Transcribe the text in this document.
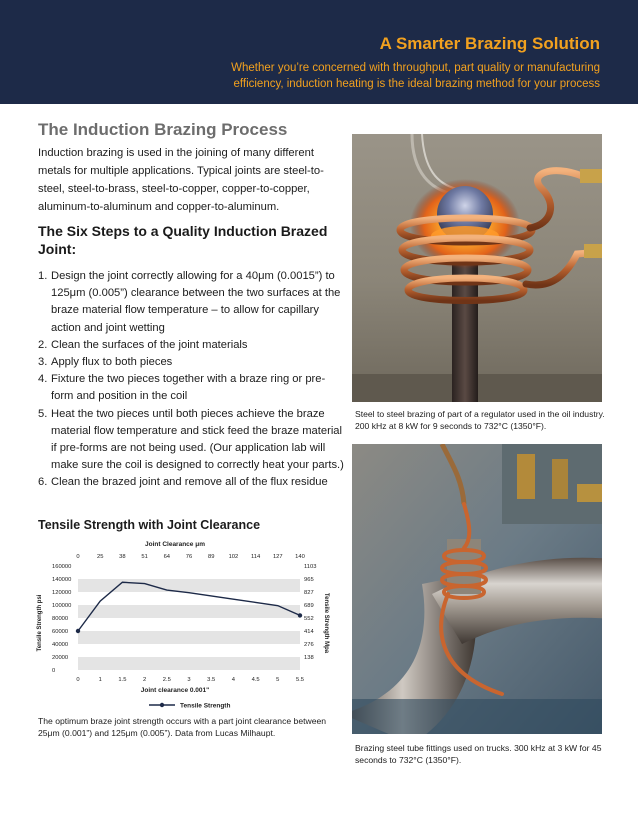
A Smarter Brazing Solution
Whether you’re concerned with throughput, part quality or manufacturing efficiency, induction heating is the ideal brazing method for your process
The Induction Brazing Process
Induction brazing is used in the joining of many different metals for multiple applications. Typical joints are steel-to-steel, steel-to-brass, steel-to-copper, copper-to-copper, aluminum-to-aluminum and copper-to-aluminum.
The Six Steps to a Quality Induction Brazed Joint:
1. Design the joint correctly allowing for a 40μm (0.0015”) to 125μm (0.005”) clearance between the two surfaces at the braze material flow temperature – to allow for capillary action and joint wetting
2. Clean the surfaces of the joint materials
3. Apply flux to both pieces
4. Fixture the two pieces together with a braze ring or pre-form and position in the coil
5. Heat the two pieces until both pieces achieve the braze material flow temperature and stick feed the braze material if pre-forms are not being used. (Our application lab will make sure the coil is designed to correctly heat your parts.)
6. Clean the brazed joint and remove all of the flux residue
Tensile Strength with Joint Clearance
0	25	38	51	64	76	89 102 114 127 140
Joint Clearance μm
0
20000
40000
60000
80000
100000
120000
140000
160000
138
276
414
552
689
827
965
1103
0	1	1.5	2	2.5	3	3.5	4	4.5	5	5.5
Joint clearance 0.001"
Tensile Strength psi	Tensile Strength Mpa
Tensile Strength
The optimum braze joint strength occurs with a part joint clearance between 25μm (0.001”) and 125μm (0.005”). Data from Lucas Milhaupt.
Steel to steel brazing of part of a regulator used in the oil industry. 200 kHz at 8 kW for 9 seconds to 732°C (1350°F).
Brazing steel tube fittings used on trucks. 300 kHz at 3 kW for 45 seconds to 732°C (1350°F).
